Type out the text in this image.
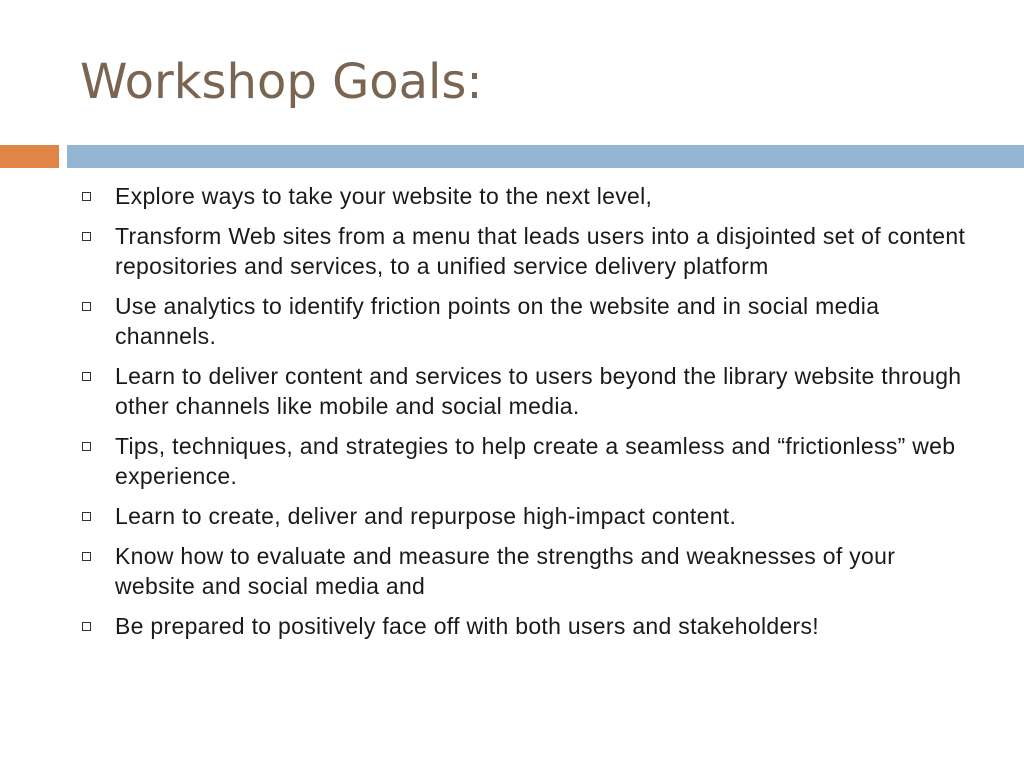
Workshop Goals:
Explore ways to take your website to the next level,
Transform Web sites from a menu that leads users into a disjointed set of content repositories and services, to a unified service delivery platform
Use analytics to identify friction points on the website and in social media channels.
Learn to deliver content and services to users beyond the library website through other channels like mobile and social media.
Tips, techniques, and strategies to help create a seamless and “frictionless” web experience.
Learn to create, deliver and repurpose high-impact content.
Know how to evaluate and measure the strengths and weaknesses of your website and social media and
Be prepared to positively face off with both users and stakeholders!
